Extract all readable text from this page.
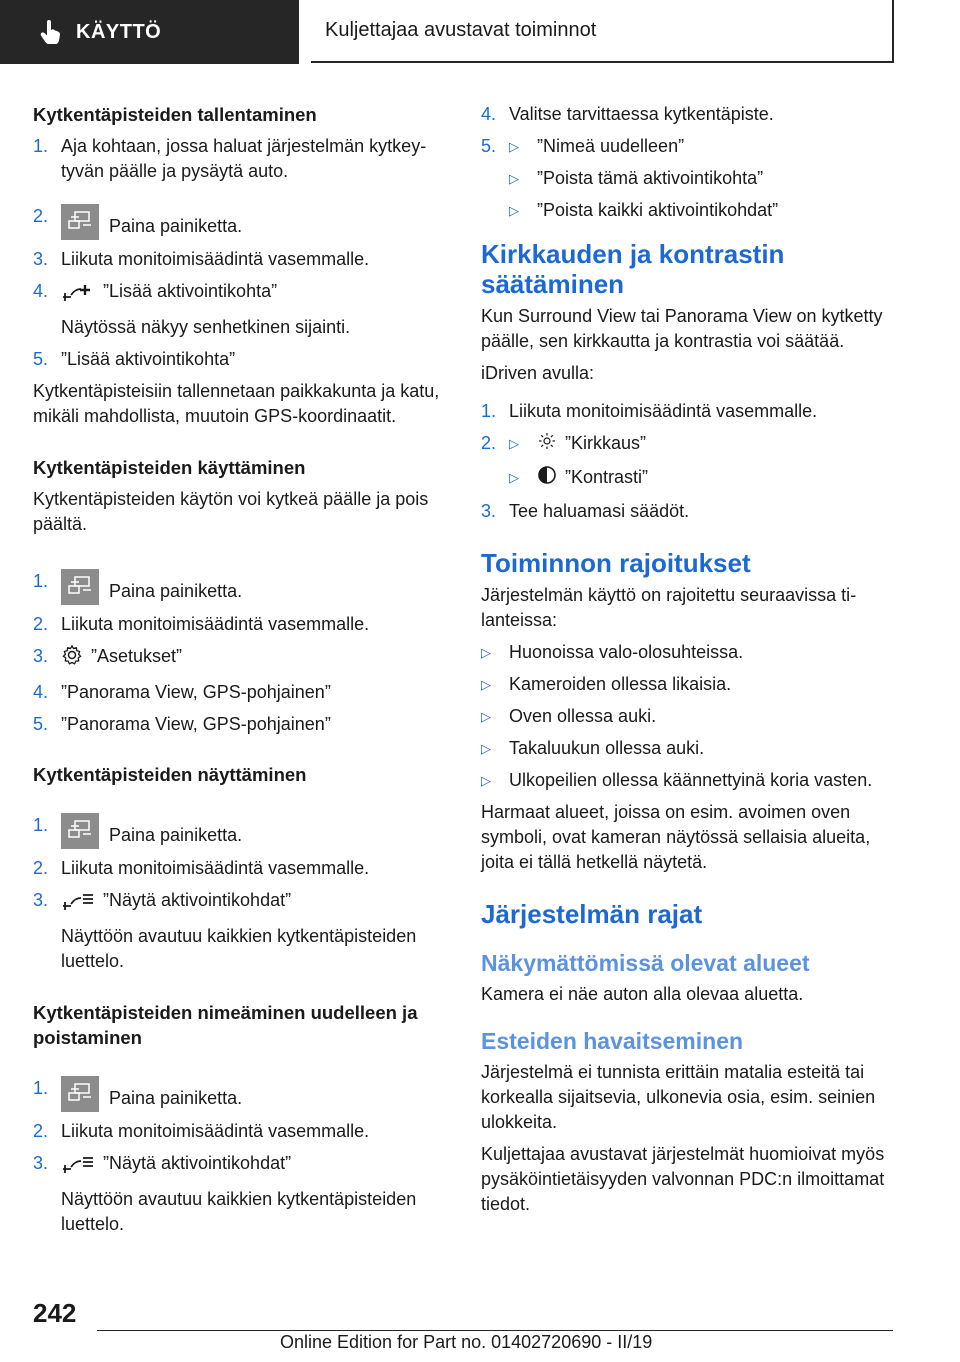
KÄYTTÖ	Kuljettajaa avustavat toiminnot

Kytkentäpisteiden tallentaminen

1. Aja kohtaan, jossa haluat järjestelmän kytkeytyvän päälle ja pysäytä auto.
2.	Paina painiketta.
3. Liikuta monitoimisäädintä vasemmalle.
4.	”Lisää aktivointikohta”

Näytössä näkyy senhetkinen sijainti.
5. ”Lisää aktivointikohta”

Kytkentäpisteisiin tallennetaan paikkakunta ja katu, mikäli mahdollista, muutoin GPS-koordinaatit.

Kytkentäpisteiden käyttäminen

Kytkentäpisteiden käytön voi kytkeä päälle ja pois päältä.

1.	Paina painiketta.
2. Liikuta monitoimisäädintä vasemmalle.
3.	”Asetukset”
4. ”Panorama View, GPS-pohjainen”
5. ”Panorama View, GPS-pohjainen”

Kytkentäpisteiden näyttäminen

1.	Paina painiketta.
2. Liikuta monitoimisäädintä vasemmalle.
3.	”Näytä aktivointikohdat”
Näyttöön avautuu kaikkien kytkentäpisteiden luettelo.

Kytkentäpisteiden nimeäminen uudelleen ja poistaminen

1.	Paina painiketta.
2. Liikuta monitoimisäädintä vasemmalle.
3.	”Näytä aktivointikohdat”
Näyttöön avautuu kaikkien kytkentäpisteiden luettelo.
4. Valitse tarvittaessa kytkentäpiste.
5. ▷	”Nimeä uudelleen”
▷	”Poista tämä aktivointikohta”
▷	”Poista kaikki aktivointikohdat”

Kirkkauden ja kontrastin säätäminen

Kun Surround View tai Panorama View on kytketty päälle, sen kirkkautta ja kontrastia voi säätää.

iDriven avulla:

1. Liikuta monitoimisäädintä vasemmalle.
2. ▷	”Kirkkaus”
▷	”Kontrasti”
3. Tee haluamasi säädöt.

Toiminnon rajoitukset

Järjestelmän käyttö on rajoitettu seuraavissa tilanteissa:

▷	Huonoissa valo-olosuhteissa.
▷	Kameroiden ollessa likaisia.
▷	Oven ollessa auki.
▷	Takaluukun ollessa auki.
▷	Ulkopeilien ollessa käännettyinä koria vasten.

Harmaat alueet, joissa on esim. avoimen oven symboli, ovat kameran näytössä sellaisia alueita, joita ei tällä hetkellä näytetä.

Järjestelmän rajat

Näkymättömissä olevat alueet

Kamera ei näe auton alla olevaa aluetta.

Esteiden havaitseminen

Järjestelmä ei tunnista erittäin matalia esteitä tai korkealla sijaitsevia, ulkonevia osia, esim. seinien ulokkeita.

Kuljettajaa avustavat järjestelmät huomioivat myös pysäköintietäisyyden valvonnan PDC:n ilmoittamat tiedot.

242
Online Edition for Part no. 01402720690 - II/19
